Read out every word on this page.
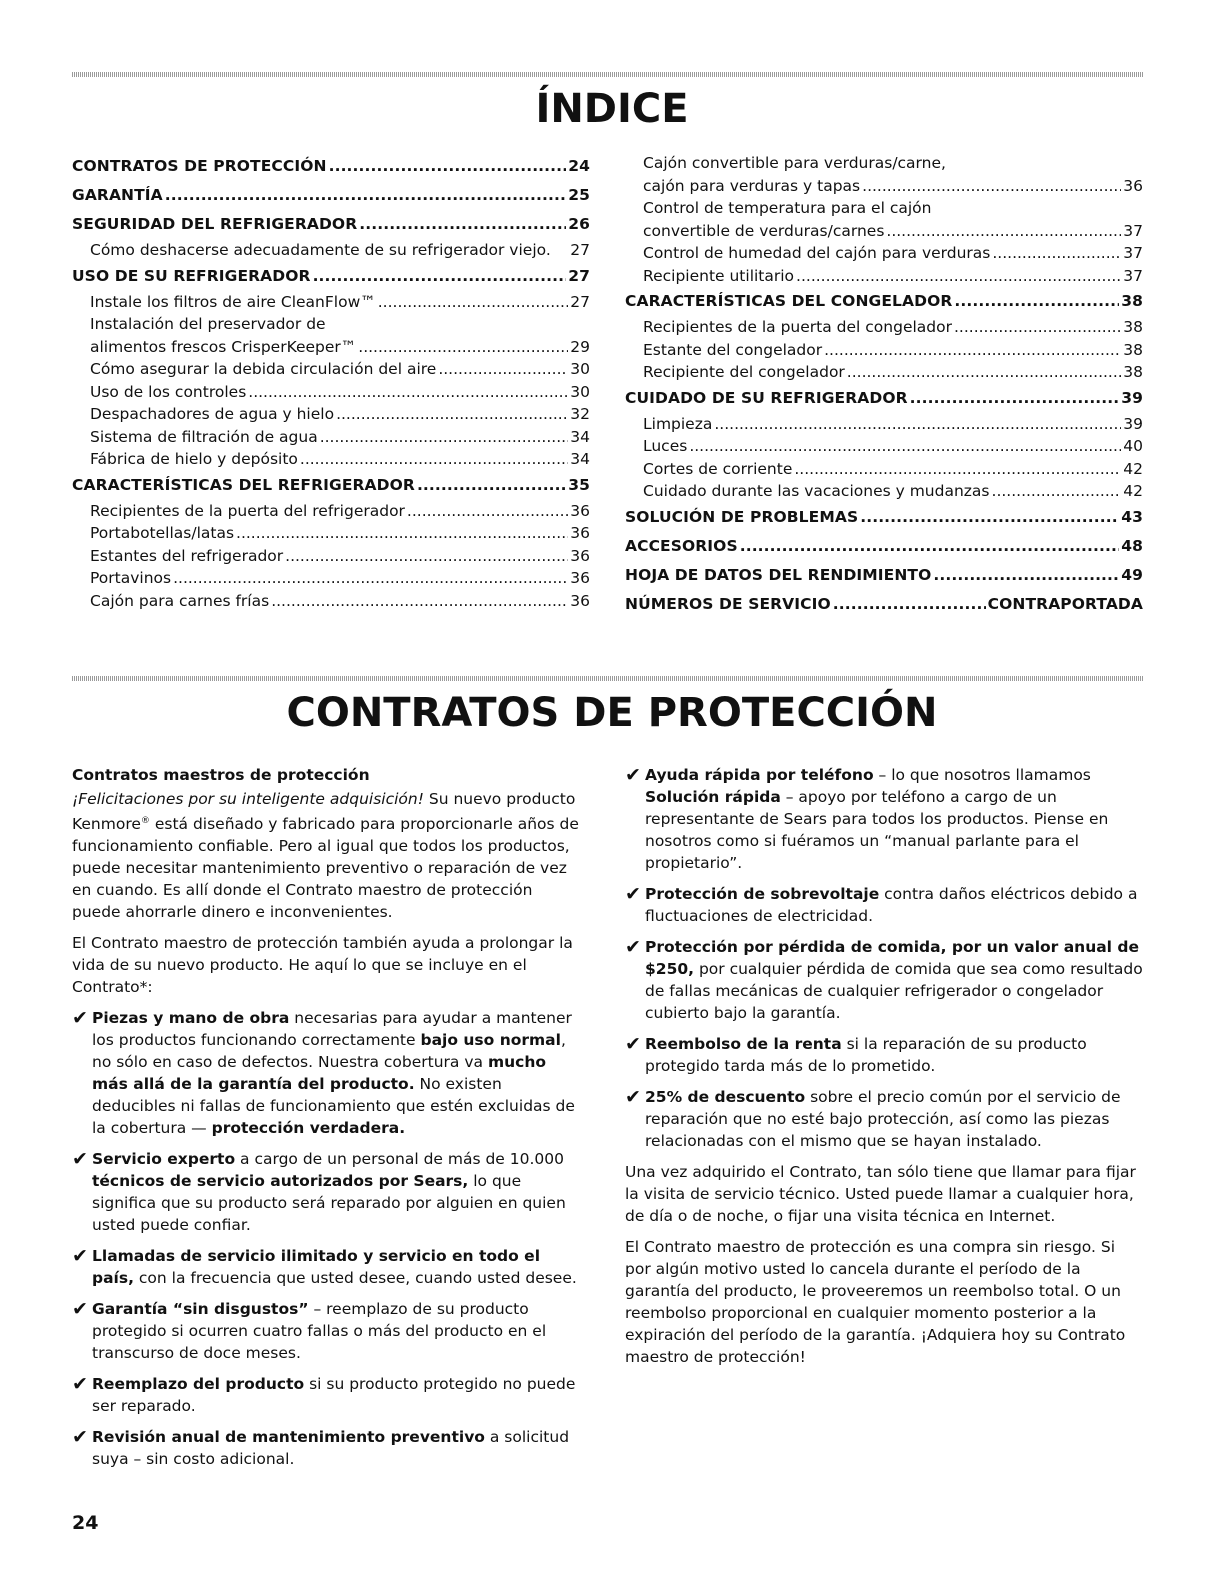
ÍNDICE
CONTRATOS DE PROTECCIÓN .....	24
GARANTÍA .....	25
SEGURIDAD DEL REFRIGERADOR .....	26
Cómo deshacerse adecuadamente de su refrigerador viejo. 27
USO DE SU REFRIGERADOR .....	27
Instale los filtros de aire CleanFlow™ .....	27
Instalación del preservador de
alimentos frescos CrisperKeeper™ .....	29
Cómo asegurar la debida circulación del aire .....	30
Uso de los controles .....	30
Despachadores de agua y hielo .....	32
Sistema de filtración de agua .....	34
Fábrica de hielo y depósito .....	34
CARACTERÍSTICAS DEL REFRIGERADOR .....	35
Recipientes de la puerta del refrigerador .....	36
Portabotellas/latas .....	36
Estantes del refrigerador .....	36
Portavinos .....	36
Cajón para carnes frías .....	36
Cajón convertible para verduras/carne,
cajón para verduras y tapas .....	36
Control de temperatura para el cajón
convertible de verduras/carnes .....	37
Control de humedad del cajón para verduras .....	37
Recipiente utilitario .....	37
CARACTERÍSTICAS DEL CONGELADOR .....	38
Recipientes de la puerta del congelador .....	38
Estante del congelador .....	38
Recipiente del congelador .....	38
CUIDADO DE SU REFRIGERADOR .....	39
Limpieza .....	39
Luces .....	40
Cortes de corriente .....	42
Cuidado durante las vacaciones y mudanzas .....	42
SOLUCIÓN DE PROBLEMAS .....	43
ACCESORIOS .....	48
HOJA DE DATOS DEL RENDIMIENTO .....	49
NÚMEROS DE SERVICIO .....	CONTRAPORTADA
CONTRATOS DE PROTECCIÓN
Contratos maestros de protección

¡Felicitaciones por su inteligente adquisición! Su nuevo producto Kenmore® está diseñado y fabricado para proporcionarle años de funcionamiento confiable. Pero al igual que todos los productos, puede necesitar mantenimiento preventivo o reparación de vez en cuando. Es allí donde el Contrato maestro de protección puede ahorrarle dinero e inconvenientes.

El Contrato maestro de protección también ayuda a prolongar la vida de su nuevo producto. He aquí lo que se incluye en el Contrato*:

✔ Piezas y mano de obra necesarias para ayudar a mantener los productos funcionando correctamente bajo uso normal, no sólo en caso de defectos. Nuestra cobertura va mucho más allá de la garantía del producto. No existen deducibles ni fallas de funcionamiento que estén excluidas de la cobertura — protección verdadera.
✔ Servicio experto a cargo de un personal de más de 10.000 técnicos de servicio autorizados por Sears, lo que significa que su producto será reparado por alguien en quien usted puede confiar.
✔ Llamadas de servicio ilimitado y servicio en todo el país, con la frecuencia que usted desee, cuando usted desee.
✔ Garantía “sin disgustos” – reemplazo de su producto protegido si ocurren cuatro fallas o más del producto en el transcurso de doce meses.
✔ Reemplazo del producto si su producto protegido no puede ser reparado.
✔ Revisión anual de mantenimiento preventivo a solicitud suya – sin costo adicional.
✔ Ayuda rápida por teléfono – lo que nosotros llamamos Solución rápida – apoyo por teléfono a cargo de un representante de Sears para todos los productos. Piense en nosotros como si fuéramos un “manual parlante para el propietario”.
✔ Protección de sobrevoltaje contra daños eléctricos debido a fluctuaciones de electricidad.
✔ Protección por pérdida de comida, por un valor anual de $250, por cualquier pérdida de comida que sea como resultado de fallas mecánicas de cualquier refrigerador o congelador cubierto bajo la garantía.
✔ Reembolso de la renta si la reparación de su producto protegido tarda más de lo prometido.
✔ 25% de descuento sobre el precio común por el servicio de reparación que no esté bajo protección, así como las piezas relacionadas con el mismo que se hayan instalado.

Una vez adquirido el Contrato, tan sólo tiene que llamar para fijar la visita de servicio técnico. Usted puede llamar a cualquier hora, de día o de noche, o fijar una visita técnica en Internet.

El Contrato maestro de protección es una compra sin riesgo. Si por algún motivo usted lo cancela durante el período de la garantía del producto, le proveeremos un reembolso total. O un reembolso proporcional en cualquier momento posterior a la expiración del período de la garantía. ¡Adquiera hoy su Contrato maestro de protección!

24
